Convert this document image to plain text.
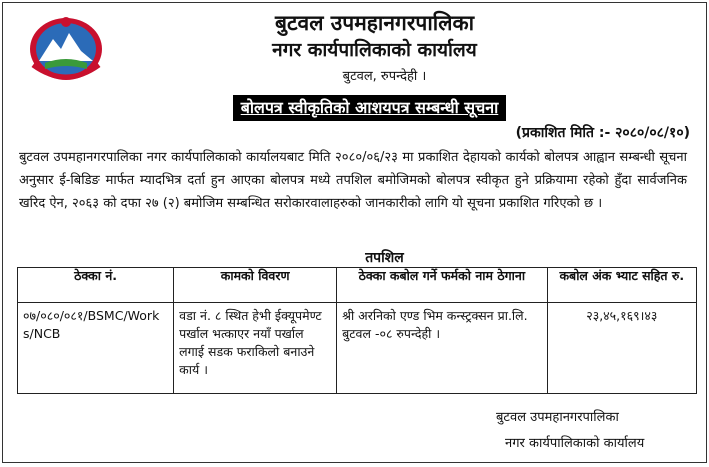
बुटवल उपमहानगरपालिका
नगर कार्यपालिकाको कार्यालय
बुटवल, रुपन्देही ।
बोलपत्र स्वीकृतिको आशयपत्र सम्बन्धी सूचना
(प्रकाशित मिति :- २०८०/०८/१०)
बुटवल उपमहानगरपालिका नगर कार्यपालिकाको कार्यालयबाट मिति २०८०/०६/२३ मा प्रकाशित देहायको कार्यको बोलपत्र आह्वान सम्बन्धी सूचना अनुसार ई-बिडिङ मार्फत म्यादभित्र दर्ता हुन आएका बोलपत्र मध्ये तपशिल बमोजिमको बोलपत्र स्वीकृत हुने प्रक्रियामा रहेको हुँदा सार्वजनिक खरिद ऐन, २०६३ को दफा २७ (२) बमोजिम सम्बन्धित सरोकारवालाहरुको जानकारीको लागि यो सूचना प्रकाशित गरिएको छ ।
तपशिल
ठेक्का नं.	कामको विवरण	ठेक्का कबोल गर्ने फर्मको नाम ठेगाना	कबोल अंक भ्याट सहित रु.
०७/०८०/०८१/BSMC/Works/NCB	वडा नं. ८ स्थित हेभी ईक्यूपमेण्ट पर्खाल भत्काएर नयाँ पर्खाल लगाई सडक फराकिलो बनाउने कार्य ।	श्री अरनिको एण्ड भिम कन्स्ट्रक्सन प्रा.लि. बुटवल -०८ रुपन्देही ।	२३,४५,१६९।४३
बुटवल उपमहानगरपालिका
नगर कार्यपालिकाको कार्यालय
